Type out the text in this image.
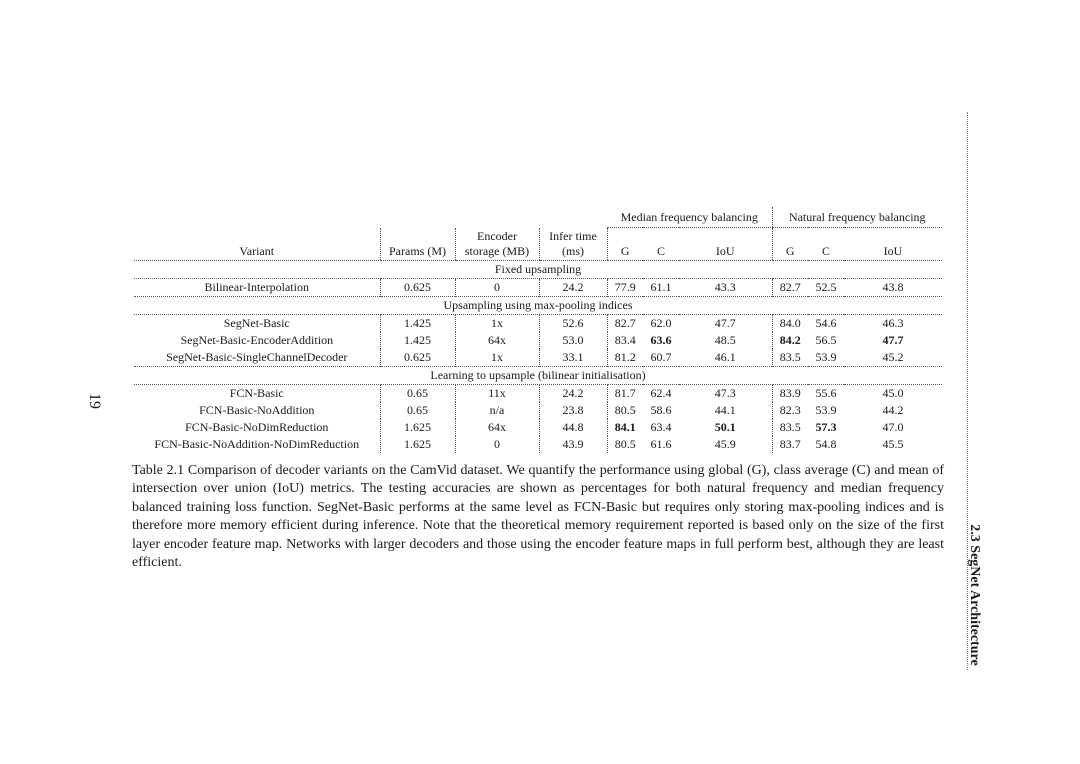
19
2.3 SegNet Architecture
				Median frequency balancing			Natural frequency balancing		
Variant	Params (M)	Encoder storage (MB)	Infer time (ms)	G	C	IoU	G	C	IoU
Fixed upsampling									
Bilinear-Interpolation	0.625	0	24.2	77.9	61.1	43.3	82.7	52.5	43.8
Upsampling using max-pooling indices									
SegNet-Basic	1.425	1x	52.6	82.7	62.0	47.7	84.0	54.6	46.3
SegNet-Basic-EncoderAddition	1.425	64x	53.0	83.4	63.6	48.5	84.2	56.5	47.7
SegNet-Basic-SingleChannelDecoder	0.625	1x	33.1	81.2	60.7	46.1	83.5	53.9	45.2
Learning to upsample (bilinear initialisation)									
FCN-Basic	0.65	11x	24.2	81.7	62.4	47.3	83.9	55.6	45.0
FCN-Basic-NoAddition	0.65	n/a	23.8	80.5	58.6	44.1	82.3	53.9	44.2
FCN-Basic-NoDimReduction	1.625	64x	44.8	84.1	63.4	50.1	83.5	57.3	47.0
FCN-Basic-NoAddition-NoDimReduction	1.625	0	43.9	80.5	61.6	45.9	83.7	54.8	45.5

Table 2.1 Comparison of decoder variants on the CamVid dataset. We quantify the performance using global (G), class average (C) and mean of intersection over union (IoU) metrics. The testing accuracies are shown as percentages for both natural frequency and median frequency balanced training loss function. SegNet-Basic performs at the same level as FCN-Basic but requires only storing max-pooling indices and is therefore more memory efficient during inference. Note that the theoretical memory requirement reported is based only on the size of the first layer encoder feature map. Networks with larger decoders and those using the encoder feature maps in full perform best, although they are least efficient.
